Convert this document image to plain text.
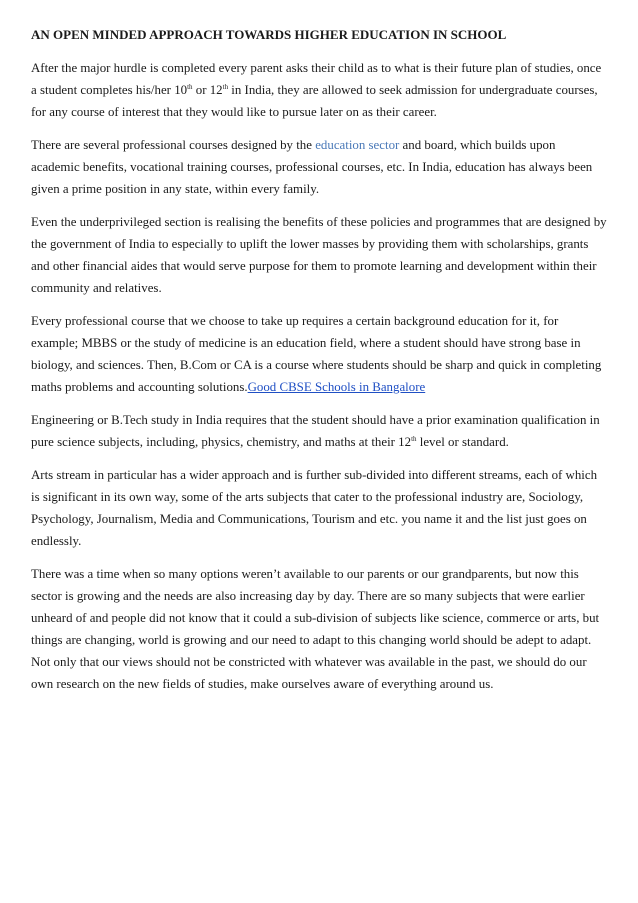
AN OPEN MINDED APPROACH TOWARDS HIGHER EDUCATION IN SCHOOL

After the major hurdle is completed every parent asks their child as to what is their future plan of studies, once a student completes his/her 10th or 12th in India, they are allowed to seek admission for undergraduate courses, for any course of interest that they would like to pursue later on as their career.

There are several professional courses designed by the education sector and board, which builds upon academic benefits, vocational training courses, professional courses, etc. In India, education has always been given a prime position in any state, within every family.

Even the underprivileged section is realising the benefits of these policies and programmes that are designed by the government of India to especially to uplift the lower masses by providing them with scholarships, grants and other financial aides that would serve purpose for them to promote learning and development within their community and relatives.

Every professional course that we choose to take up requires a certain background education for it, for example; MBBS or the study of medicine is an education field, where a student should have strong base in biology, and sciences. Then, B.Com or CA is a course where students should be sharp and quick in completing maths problems and accounting solutions.Good CBSE Schools in Bangalore

Engineering or B.Tech study in India requires that the student should have a prior examination qualification in pure science subjects, including, physics, chemistry, and maths at their 12th level or standard.

Arts stream in particular has a wider approach and is further sub-divided into different streams, each of which is significant in its own way, some of the arts subjects that cater to the professional industry are, Sociology, Psychology, Journalism, Media and Communications, Tourism and etc. you name it and the list just goes on endlessly.

There was a time when so many options weren’t available to our parents or our grandparents, but now this sector is growing and the needs are also increasing day by day. There are so many subjects that were earlier unheard of and people did not know that it could a sub-division of subjects like science, commerce or arts, but things are changing, world is growing and our need to adapt to this changing world should be adept to adapt. Not only that our views should not be constricted with whatever was available in the past, we should do our own research on the new fields of studies, make ourselves aware of everything around us.
